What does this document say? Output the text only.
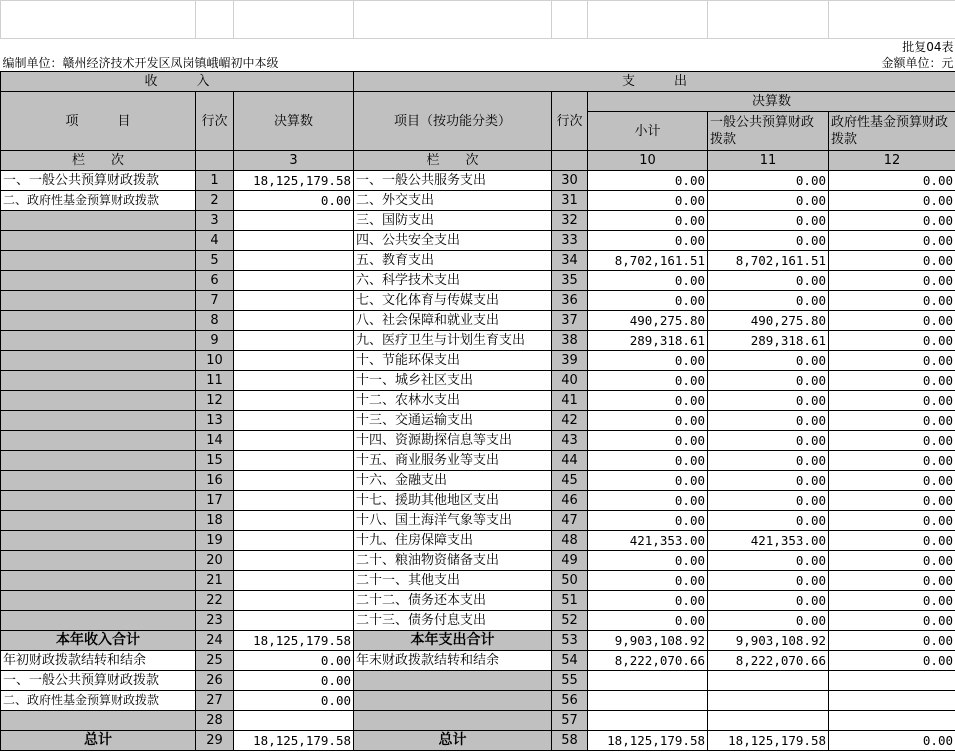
批复04表							
编制单位：赣州经济技术开发区凤岗镇峨嵋初中本级					金额单位：元		
收　　　入			支　　　出				
项　　　目	行次	决算数	项目（按功能分类）	行次	决算数		
					小计	一般公共预算财政拨款	政府性基金预算财政拨款
栏　　次		3	栏　　次		10	11	12
一、一般公共预算财政拨款	1	18,125,179.58	一、一般公共服务支出	30	0.00	0.00	0.00
二、政府性基金预算财政拨款	2	0.00	二、外交支出	31	0.00	0.00	0.00
	3		三、国防支出	32	0.00	0.00	0.00
	4		四、公共安全支出	33	0.00	0.00	0.00
	5		五、教育支出	34	8,702,161.51	8,702,161.51	0.00
	6		六、科学技术支出	35	0.00	0.00	0.00
	7		七、文化体育与传媒支出	36	0.00	0.00	0.00
	8		八、社会保障和就业支出	37	490,275.80	490,275.80	0.00
	9		九、医疗卫生与计划生育支出	38	289,318.61	289,318.61	0.00
	10		十、节能环保支出	39	0.00	0.00	0.00
	11		十一、城乡社区支出	40	0.00	0.00	0.00
	12		十二、农林水支出	41	0.00	0.00	0.00
	13		十三、交通运输支出	42	0.00	0.00	0.00
	14		十四、资源勘探信息等支出	43	0.00	0.00	0.00
	15		十五、商业服务业等支出	44	0.00	0.00	0.00
	16		十六、金融支出	45	0.00	0.00	0.00
	17		十七、援助其他地区支出	46	0.00	0.00	0.00
	18		十八、国土海洋气象等支出	47	0.00	0.00	0.00
	19		十九、住房保障支出	48	421,353.00	421,353.00	0.00
	20		二十、粮油物资储备支出	49	0.00	0.00	0.00
	21		二十一、其他支出	50	0.00	0.00	0.00
	22		二十二、债务还本支出	51	0.00	0.00	0.00
	23		二十三、债务付息支出	52	0.00	0.00	0.00
本年收入合计	24	18,125,179.58	本年支出合计	53	9,903,108.92	9,903,108.92	0.00
年初财政拨款结转和结余	25	0.00	年末财政拨款结转和结余	54	8,222,070.66	8,222,070.66	0.00
一、一般公共预算财政拨款	26	0.00		55			
二、政府性基金预算财政拨款	27	0.00		56			
	28			57			
总计	29	18,125,179.58	总计	58	18,125,179.58	18,125,179.58	0.00
